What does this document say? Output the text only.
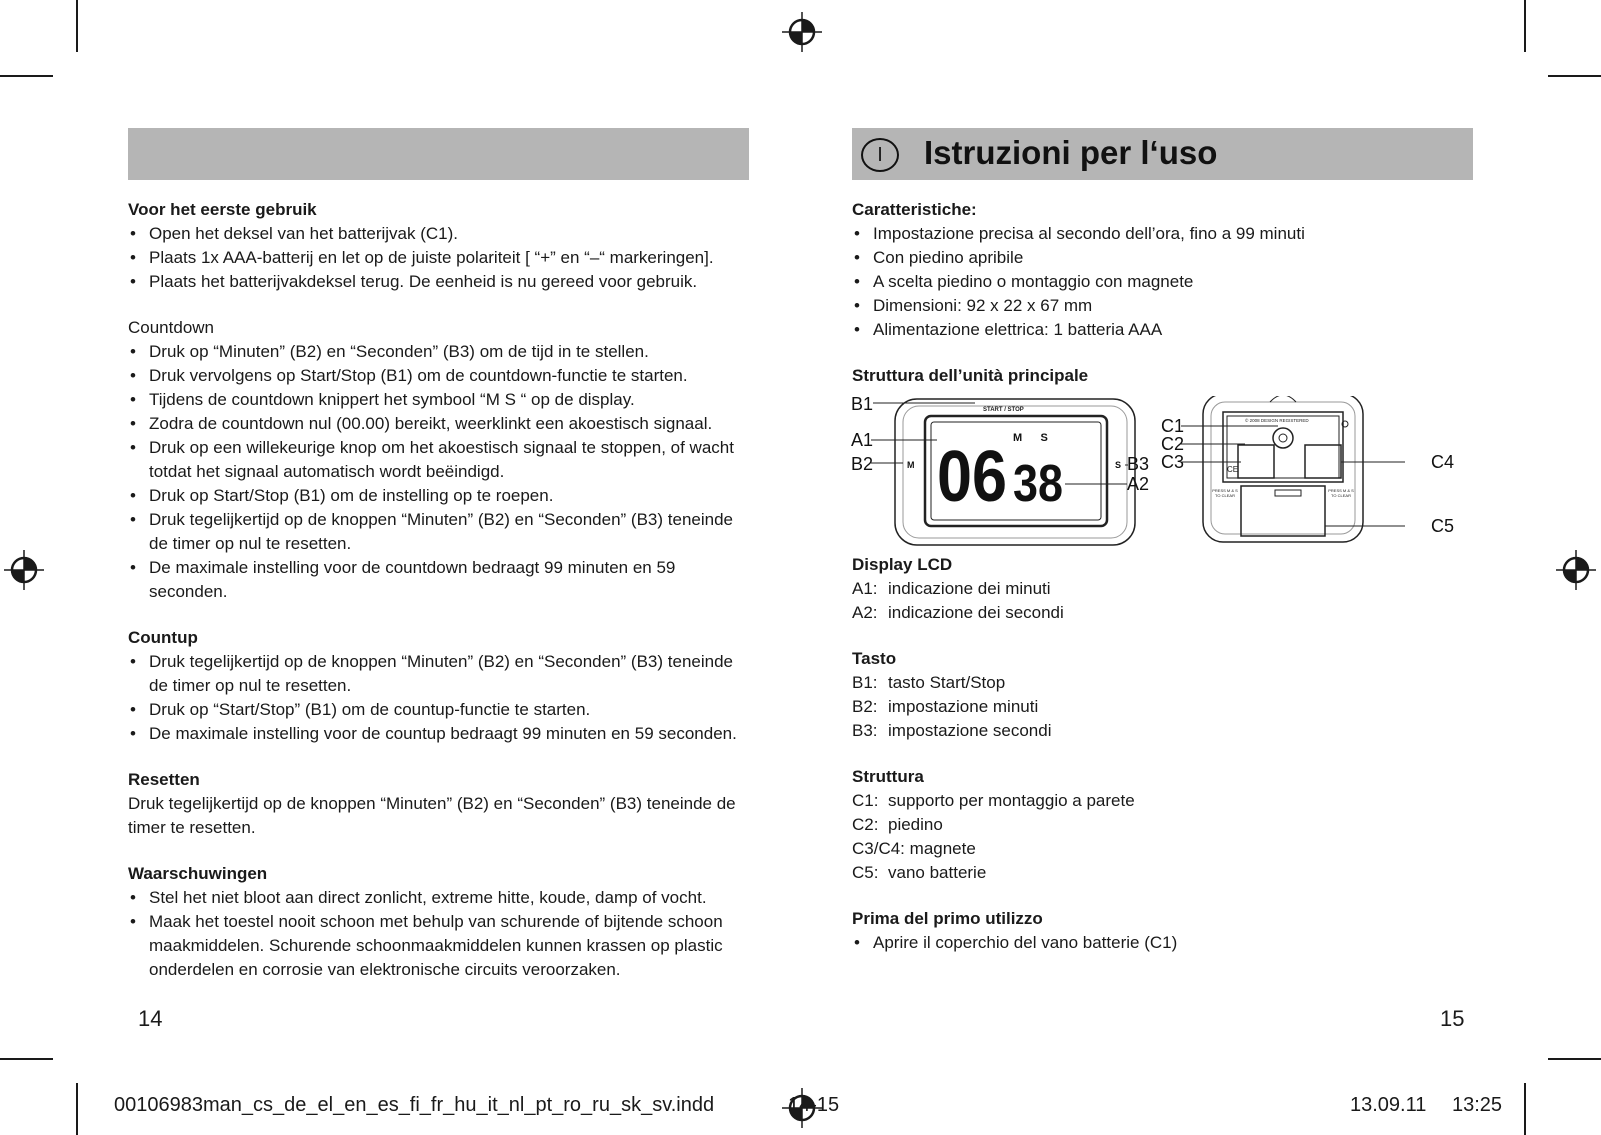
I	Istruzioni per l‘uso
Voor het eerste gebruik
• Open het deksel van het batterijvak (C1).
• Plaats 1x AAA-batterij en let op de juiste polariteit [ “+” en “–“ markeringen].
• Plaats het batterijvakdeksel terug. De eenheid is nu gereed voor gebruik.
Countdown
• Druk op “Minuten” (B2) en “Seconden” (B3) om de tijd in te stellen.
• Druk vervolgens op Start/Stop (B1) om de countdown-functie te starten.
• Tijdens de countdown knippert het symbool “M S “ op de display.
• Zodra de countdown nul (00.00) bereikt, weerklinkt een akoestisch signaal.
• Druk op een willekeurige knop om het akoestisch signaal te stoppen, of wacht totdat het signaal automatisch wordt beëindigd.
• Druk op Start/Stop (B1) om de instelling op te roepen.
• Druk tegelijkertijd op de knoppen “Minuten” (B2) en “Seconden” (B3) teneinde de timer op nul te resetten.
• De maximale instelling voor de countdown bedraagt 99 minuten en 59 seconden.
Countup
• Druk tegelijkertijd op de knoppen “Minuten” (B2) en “Seconden” (B3) teneinde de timer op nul te resetten.
• Druk op “Start/Stop” (B1) om de countup-functie te starten.
• De maximale instelling voor de countup bedraagt 99 minuten en 59 seconden.
Resetten
Druk tegelijkertijd op de knoppen “Minuten” (B2) en “Seconden” (B3) teneinde de timer te resetten.
Waarschuwingen
• Stel het niet bloot aan direct zonlicht, extreme hitte, koude, damp of vocht.
• Maak het toestel nooit schoon met behulp van schurende of bijtende schoon maakmiddelen. Schurende schoonmaakmiddelen kunnen krassen op plastic onderdelen en corrosie van elektronische circuits veroorzaken.
Caratteristiche:
• Impostazione precisa al secondo dell’ora, fino a 99 minuti
• Con piedino apribile
• A scelta piedino o montaggio con magnete
• Dimensioni: 92 x 22 x 67 mm
• Alimentazione elettrica: 1 batteria AAA
Struttura dell’unità principale
Display LCD
A1: indicazione dei minuti
A2: indicazione dei secondi
Tasto
B1: tasto Start/Stop
B2: impostazione minuti
B3: impostazione secondi
Struttura
C1: supporto per montaggio a parete
C2: piedino
C3/C4:
magnete
C5: vano batterie
Prima del primo utilizzo
• Aprire il coperchio del vano batterie (C1)
START / STOP
06 38
M      S
M	S
B1
A1
B2	B3
A2
© 2008 DESIGN REGISTERED
CE
PRESS M & S TO CLEAR
PRESS M & S TO CLEAR
C1
C2
C3	C4
C5
14	15
00106983man_cs_de_el_en_es_fi_fr_hu_it_nl_pt_ro_ru_sk_sv.indd	14-15	13.09.11 13:25
